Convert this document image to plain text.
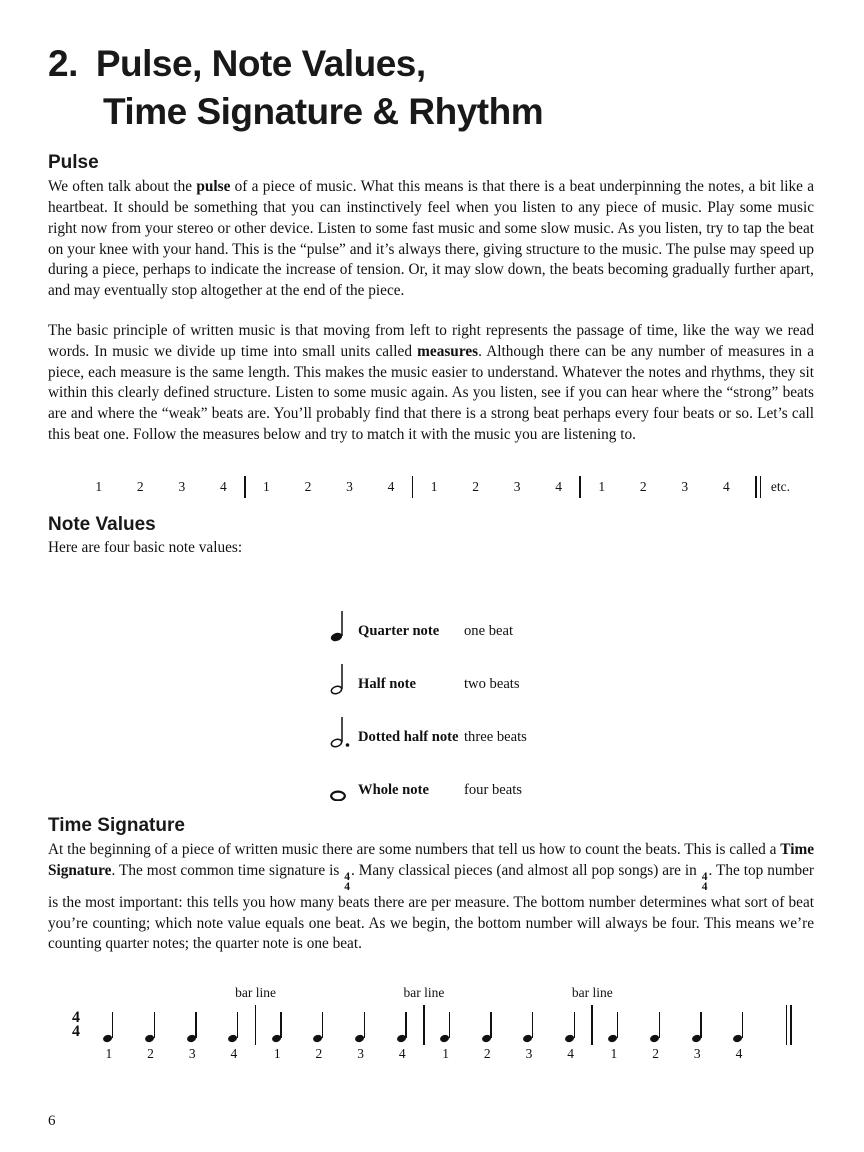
2. Pulse, Note Values,
Time Signature & Rhythm
Pulse

We often talk about the pulse of a piece of music. What this means is that there is a beat underpinning the notes, a bit like a heartbeat. It should be something that you can instinctively feel when you listen to any piece of music. Play some music right now from your stereo or other device. Listen to some fast music and some slow music. As you listen, try to tap the beat on your knee with your hand. This is the “pulse” and it’s always there, giving structure to the music. The pulse may speed up during a piece, perhaps to indicate the increase of tension. Or, it may slow down, the beats becoming gradually further apart, and may eventually stop altogether at the end of the piece.

The basic principle of written music is that moving from left to right represents the passage of time, like the way we read words. In music we divide up time into small units called measures. Although there can be any number of measures in a piece, each measure is the same length. This makes the music easier to understand. Whatever the notes and rhythms, they sit within this clearly defined structure. Listen to some music again. As you listen, see if you can hear where the “strong” beats are and where the “weak” beats are. You’ll probably find that there is a strong beat perhaps every four beats or so. Let’s call this beat one. Follow the measures below and try to match it with the music you are listening to.

1	2	3	4	1	2	3	4	1	2	3	4	1	2	3	4	etc.
Note Values

Here are four basic note values:

Quarter note	one beat
Half note	two beats
Dotted half note three beats
Whole note	four beats
Time Signature

At the beginning of a piece of written music there are some numbers that tell us how to count the beats. This is called a Time Signature. The most common time signature is 4
4
. Many classical pieces (and almost all pop songs) are in 4
4
. The top number is the most important: this tells you how many beats there are per measure. The bottom number determines what sort of beat you’re counting; which note value equals one beat. As we begin, the bottom number will always be four. This means we’re counting quarter notes; the quarter note is one beat.

4
4
1	2	3	4
bar line
1	2	3	4
bar line
1	2	3	4
bar line
1	2	3	4
6
